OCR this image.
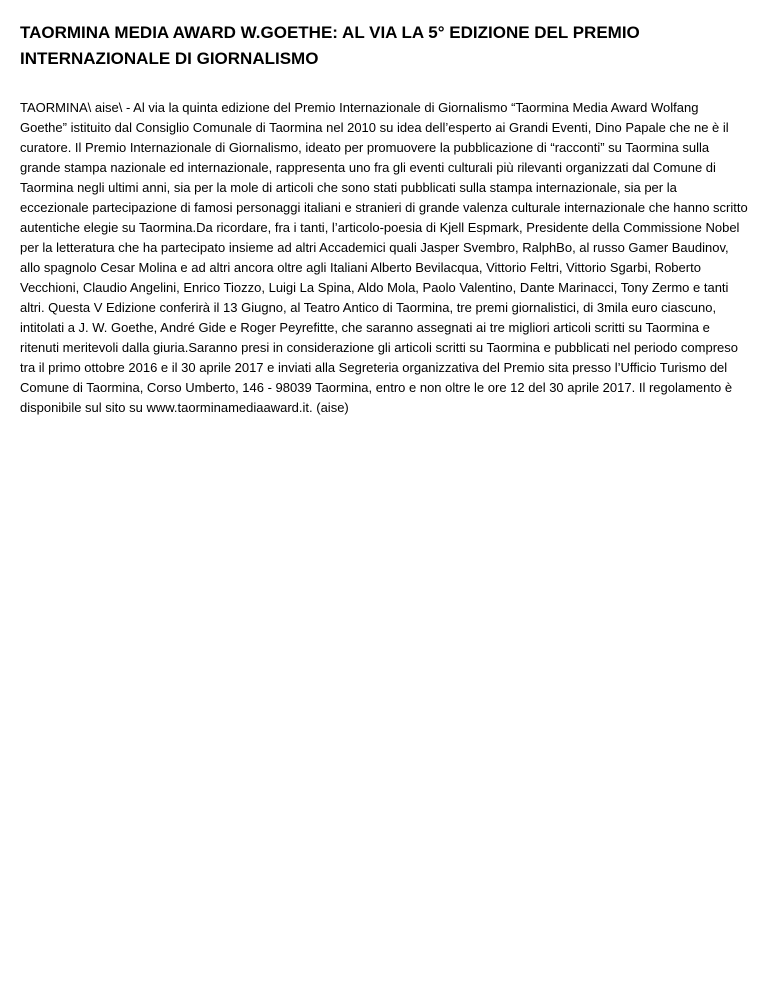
TAORMINA MEDIA AWARD W.GOETHE: AL VIA LA 5° EDIZIONE DEL PREMIO INTERNAZIONALE DI GIORNALISMO

TAORMINA\ aise\ - Al via la quinta edizione del Premio Internazionale di Giornalismo “Taormina Media Award Wolfang Goethe” istituito dal Consiglio Comunale di Taormina nel 2010 su idea dell’esperto ai Grandi Eventi, Dino Papale che ne è il curatore. Il Premio Internazionale di Giornalismo, ideato per promuovere la pubblicazione di “racconti” su Taormina sulla grande stampa nazionale ed internazionale, rappresenta uno fra gli eventi culturali più rilevanti organizzati dal Comune di Taormina negli ultimi anni, sia per la mole di articoli che sono stati pubblicati sulla stampa internazionale, sia per la eccezionale partecipazione di famosi personaggi italiani e stranieri di grande valenza culturale internazionale che hanno scritto autentiche elegie su Taormina.Da ricordare, fra i tanti, l’articolo-poesia di Kjell Espmark, Presidente della Commissione Nobel per la letteratura che ha partecipato insieme ad altri Accademici quali Jasper Svembro, RalphBo, al russo Gamer Baudinov, allo spagnolo Cesar Molina e ad altri ancora oltre agli Italiani Alberto Bevilacqua, Vittorio Feltri, Vittorio Sgarbi, Roberto Vecchioni, Claudio Angelini, Enrico Tiozzo, Luigi La Spina, Aldo Mola, Paolo Valentino, Dante Marinacci, Tony Zermo e tanti altri. Questa V Edizione conferirà il 13 Giugno, al Teatro Antico di Taormina, tre premi giornalistici, di 3mila euro ciascuno, intitolati a J. W. Goethe, André Gide e Roger Peyrefitte, che saranno assegnati ai tre migliori articoli scritti su Taormina e ritenuti meritevoli dalla giuria.Saranno presi in considerazione gli articoli scritti su Taormina e pubblicati nel periodo compreso tra il primo ottobre 2016 e il 30 aprile 2017 e inviati alla Segreteria organizzativa del Premio sita presso l’Ufficio Turismo del Comune di Taormina, Corso Umberto, 146 - 98039 Taormina, entro e non oltre le ore 12 del 30 aprile 2017. Il regolamento è disponibile sul sito su www.taorminamediaaward.it. (aise)
